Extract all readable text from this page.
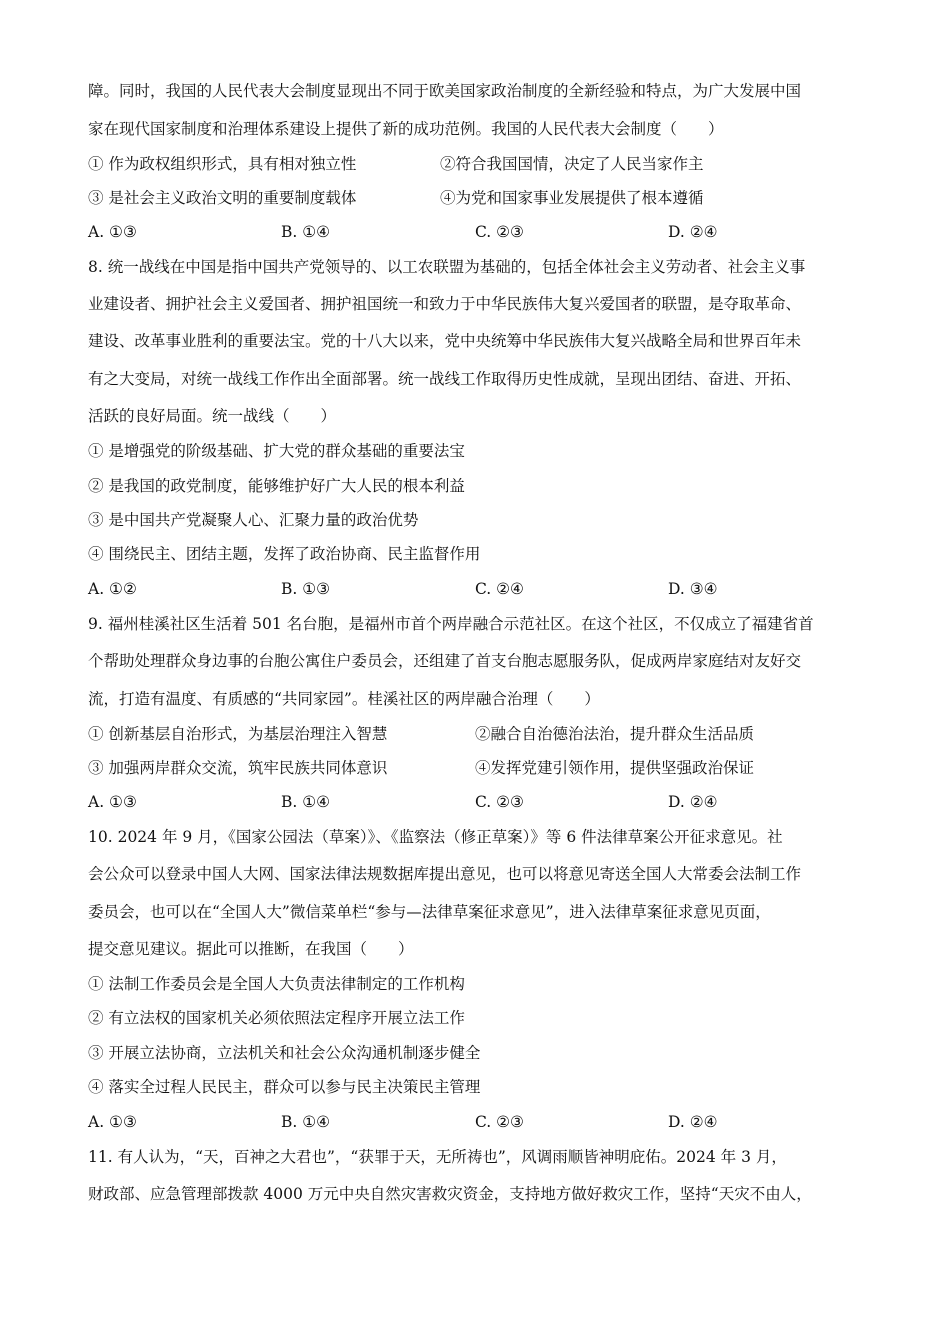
障。同时，我国的人民代表大会制度显现出不同于欧美国家政治制度的全新经验和特点，为广大发展中国
家在现代国家制度和治理体系建设上提供了新的成功范例。我国的人民代表大会制度（　　）
① 作为政权组织形式，具有相对独立性	②符合我国国情，决定了人民当家作主
③ 是社会主义政治文明的重要制度载体	④为党和国家事业发展提供了根本遵循
A. ①③	B. ①④	C. ②③	D. ②④
8. 统一战线在中国是指中国共产党领导的、以工农联盟为基础的，包括全体社会主义劳动者、社会主义事
业建设者、拥护社会主义爱国者、拥护祖国统一和致力于中华民族伟大复兴爱国者的联盟，是夺取革命、
建设、改革事业胜利的重要法宝。党的十八大以来，党中央统筹中华民族伟大复兴战略全局和世界百年未
有之大变局，对统一战线工作作出全面部署。统一战线工作取得历史性成就，呈现出团结、奋进、开拓、
活跃的良好局面。统一战线（　　）
① 是增强党的阶级基础、扩大党的群众基础的重要法宝
② 是我国的政党制度，能够维护好广大人民的根本利益
③ 是中国共产党凝聚人心、汇聚力量的政治优势
④ 围绕民主、团结主题，发挥了政治协商、民主监督作用
A. ①②	B. ①③	C. ②④	D. ③④
9. 福州桂溪社区生活着 501 名台胞，是福州市首个两岸融合示范社区。在这个社区，不仅成立了福建省首
个帮助处理群众身边事的台胞公寓住户委员会，还组建了首支台胞志愿服务队，促成两岸家庭结对友好交
流，打造有温度、有质感的“共同家园”。桂溪社区的两岸融合治理（　　）
① 创新基层自治形式，为基层治理注入智慧	②融合自治德治法治，提升群众生活品质
③ 加强两岸群众交流，筑牢民族共同体意识	④发挥党建引领作用，提供坚强政治保证
A. ①③	B. ①④	C. ②③	D. ②④
10. 2024 年 9 月，《国家公园法（草案）》、《监察法（修正草案）》等 6 件法律草案公开征求意见。社
会公众可以登录中国人大网、国家法律法规数据库提出意见，也可以将意见寄送全国人大常委会法制工作
委员会，也可以在“全国人大”微信菜单栏“参与—法律草案征求意见”，进入法律草案征求意见页面，
提交意见建议。据此可以推断，在我国（　　）
① 法制工作委员会是全国人大负责法律制定的工作机构
② 有立法权的国家机关必须依照法定程序开展立法工作
③ 开展立法协商，立法机关和社会公众沟通机制逐步健全
④ 落实全过程人民民主，群众可以参与民主决策民主管理
A. ①③	B. ①④	C. ②③	D. ②④
11. 有人认为，“天，百神之大君也”，“获罪于天，无所祷也”，风调雨顺皆神明庇佑。2024 年 3 月，
财政部、应急管理部拨款 4000 万元中央自然灾害救灾资金，支持地方做好救灾工作，坚持“天灾不由人，
